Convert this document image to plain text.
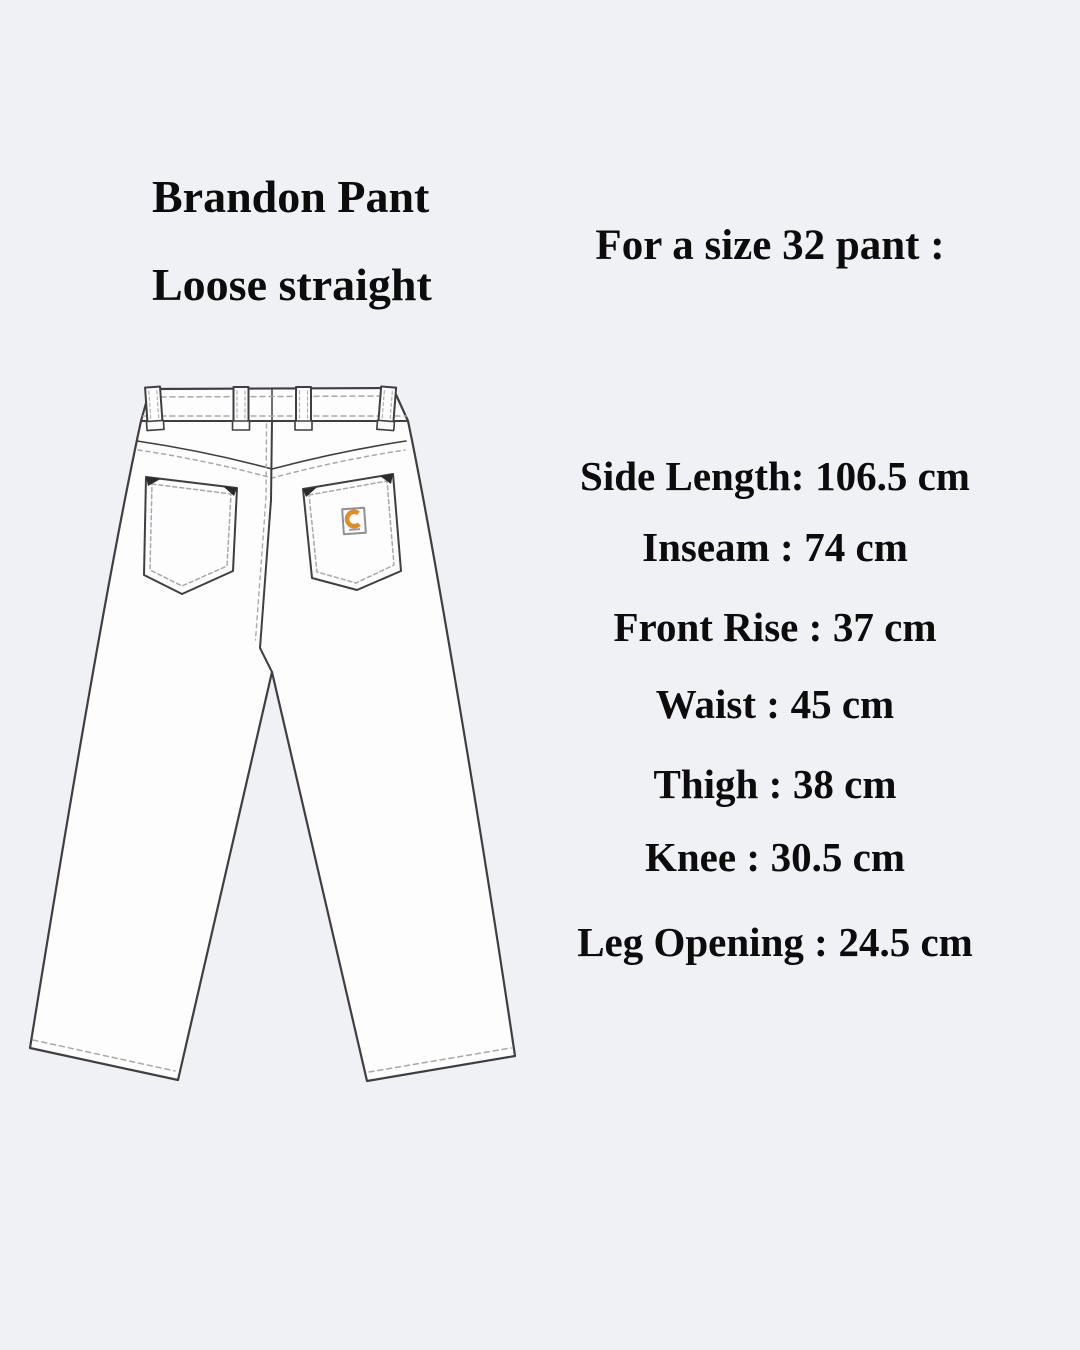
Brandon Pant
Loose straight
For a size 32 pant :
Side Length: 106.5 cm
Inseam : 74 cm
Front Rise : 37 cm
Waist : 45 cm
Thigh : 38 cm
Knee : 30.5 cm
Leg Opening : 24.5 cm
